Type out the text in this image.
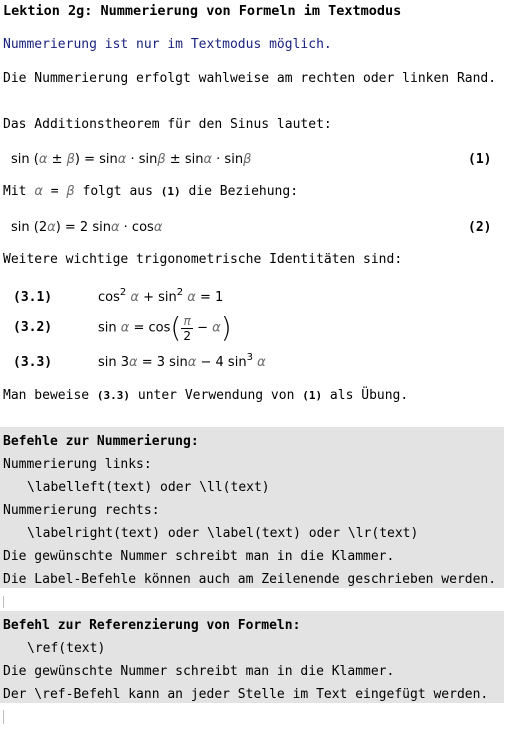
Lektion 2g: Nummerierung von Formeln im Textmodus
Nummerierung ist nur im Textmodus möglich.
Die Nummerierung erfolgt wahlweise am rechten oder linken Rand.
Das Additionstheorem für den Sinus lautet:
sin (α ± β) = sinα · sinβ ± sinα · sinβ	(1)
Mit α = β folgt aus (1) die Beziehung:
sin (2α) = 2 sinα · cosα	(2)
Weitere wichtige trigonometrische Identitäten sind:
(3.1)	$\cos^2 \alpha + \sin^2 \alpha = 1$
(3.2)	$\sin \alpha = \cos( \frac{\pi}{2} - \alpha)$
(3.3)	sin 3α = 3 sinα − 4 $\sin^3 \alpha$
Man beweise (3.3) unter Verwendung von (1) als Übung.
Befehle zur Nummerierung:
Nummerierung links:
\labelleft(text) oder \ll(text)
Nummerierung rechts:
\labelright(text) oder \label(text) oder \lr(text)
Die gewünschte Nummer schreibt man in die Klammer.
Die Label-Befehle können auch am Zeilenende geschrieben werden.
Befehl zur Referenzierung von Formeln:
\ref(text)
Die gewünschte Nummer schreibt man in die Klammer.
Der \ref-Befehl kann an jeder Stelle im Text eingefügt werden.
